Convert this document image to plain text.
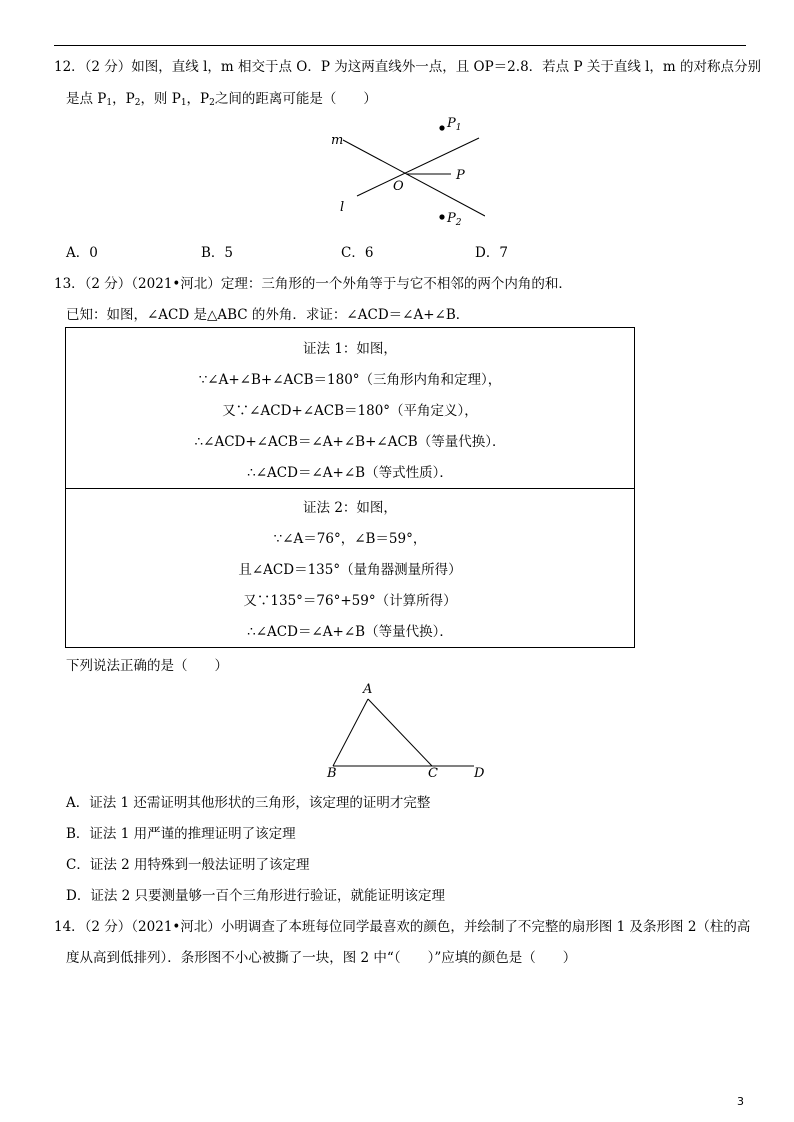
12．（2 分）如图，直线 l，m 相交于点 O．P 为这两直线外一点，且 OP＝2.8．若点 P 关于直线 l，m 的对称点分别
是点 $P_1$，$P_2$，则 $P_1$，$P_2$之间的距离可能是（　　）
m
l
O
P
$P_1$
$P_2$
A．0	B．5	C．6	D．7
13．（2 分）（2021•河北）定理：三角形的一个外角等于与它不相邻的两个内角的和．
已知：如图，∠ACD 是△ABC 的外角．求证：∠ACD＝∠A+∠B．
证法 1：如图，
∵∠A+∠B+∠ACB＝180°（三角形内角和定理），
又∵∠ACD+∠ACB＝180°（平角定义），
∴∠ACD+∠ACB＝∠A+∠B+∠ACB（等量代换）．
∴∠ACD＝∠A+∠B（等式性质）．
证法 2：如图，
∵∠A＝76°，∠B＝59°，
且∠ACD＝135°（量角器测量所得）
又∵135°＝76°+59°（计算所得）
∴∠ACD＝∠A+∠B（等量代换）．
下列说法正确的是（　　）
A
B	C	D
A．证法 1 还需证明其他形状的三角形，该定理的证明才完整
B．证法 1 用严谨的推理证明了该定理
C．证法 2 用特殊到一般法证明了该定理
D．证法 2 只要测量够一百个三角形进行验证，就能证明该定理
14．（2 分）（2021•河北）小明调查了本班每位同学最喜欢的颜色，并绘制了不完整的扇形图 1 及条形图 2（柱的高
度从高到低排列）．条形图不小心被撕了一块，图 2 中“（　　）”应填的颜色是（　　）
3
